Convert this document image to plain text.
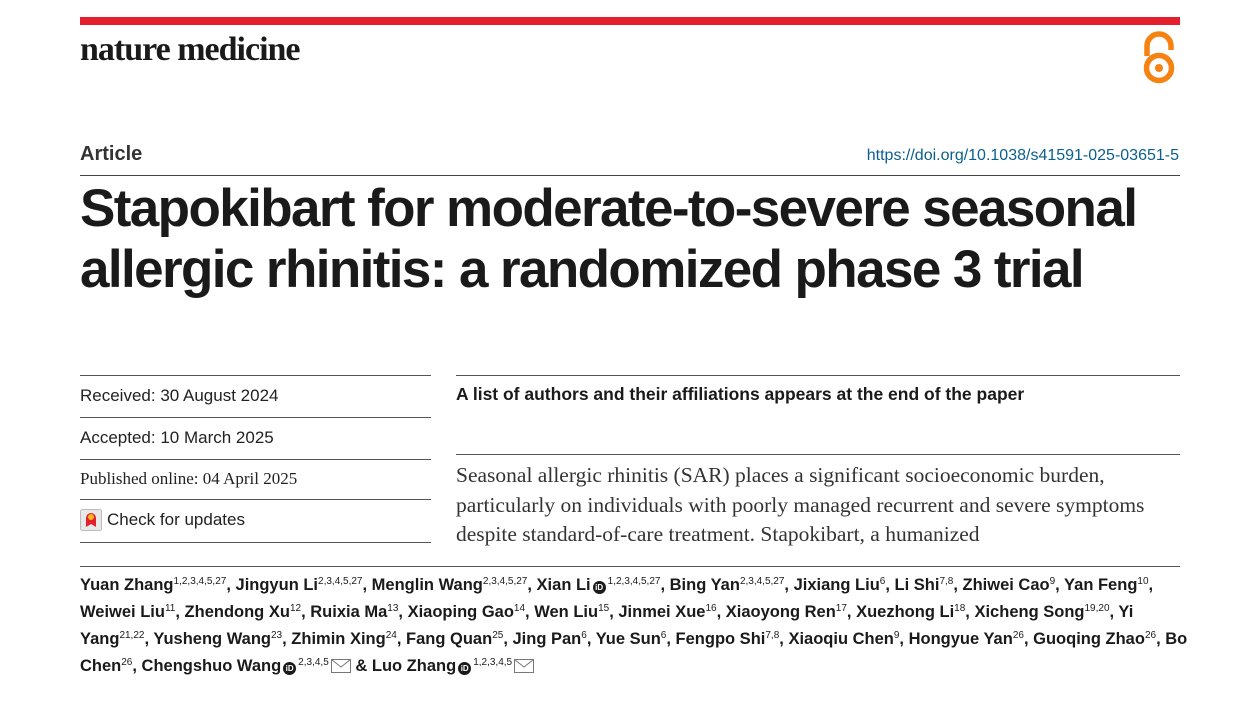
nature medicine
Article	https://doi.org/10.1038/s41591-025-03651-5
Stapokibart for moderate-to-severe seasonal allergic rhinitis: a randomized phase 3 trial
Received: 30 August 2024
Accepted: 10 March 2025
Published online: 04 April 2025
Check for updates
A list of authors and their affiliations appears at the end of the paper
Seasonal allergic rhinitis (SAR) places a significant socioeconomic burden, particularly on individuals with poorly managed recurrent and severe symptoms despite standard-of-care treatment. Stapokibart, a humanized
Yuan Zhang$^{1,2,3,4,5,27}$, Jingyun Li$^{2,3,4,5,27}$, Menglin Wang$^{2,3,4,5,27}$, Xian Li iD$^{1,2,3,4,5,27}$, Bing Yan$^{2,3,4,5,27}$, Jixiang Liu$^6$, Li Shi$^{7,8}$, Zhiwei Cao$^9$, Yan Feng$^{10}$, Weiwei Liu$^{11}$, Zhendong Xu$^{12}$, Ruixia Ma$^{13}$, Xiaoping Gao$^{14}$, Wen Liu$^{15}$, Jinmei Xue$^{16}$, Xiaoyong Ren$^{17}$, Xuezhong Li$^{18}$, Xicheng Song$^{19,20}$, Yi Yang$^{21,22}$, Yusheng Wang$^{23}$, Zhimin Xing$^{24}$, Fang Quan$^{25}$, Jing Pan$^6$, Yue Sun$^6$, Fengpo Shi$^{7,8}$, Xiaoqiu Chen$^9$, Hongyue Yan$^{26}$, Guoqing Zhao$^{26}$, Bo Chen$^{26}$, Chengshuo Wang iD$^{2,3,4,5}$ & Luo Zhang iD$^{1,2,3,4,5}$
